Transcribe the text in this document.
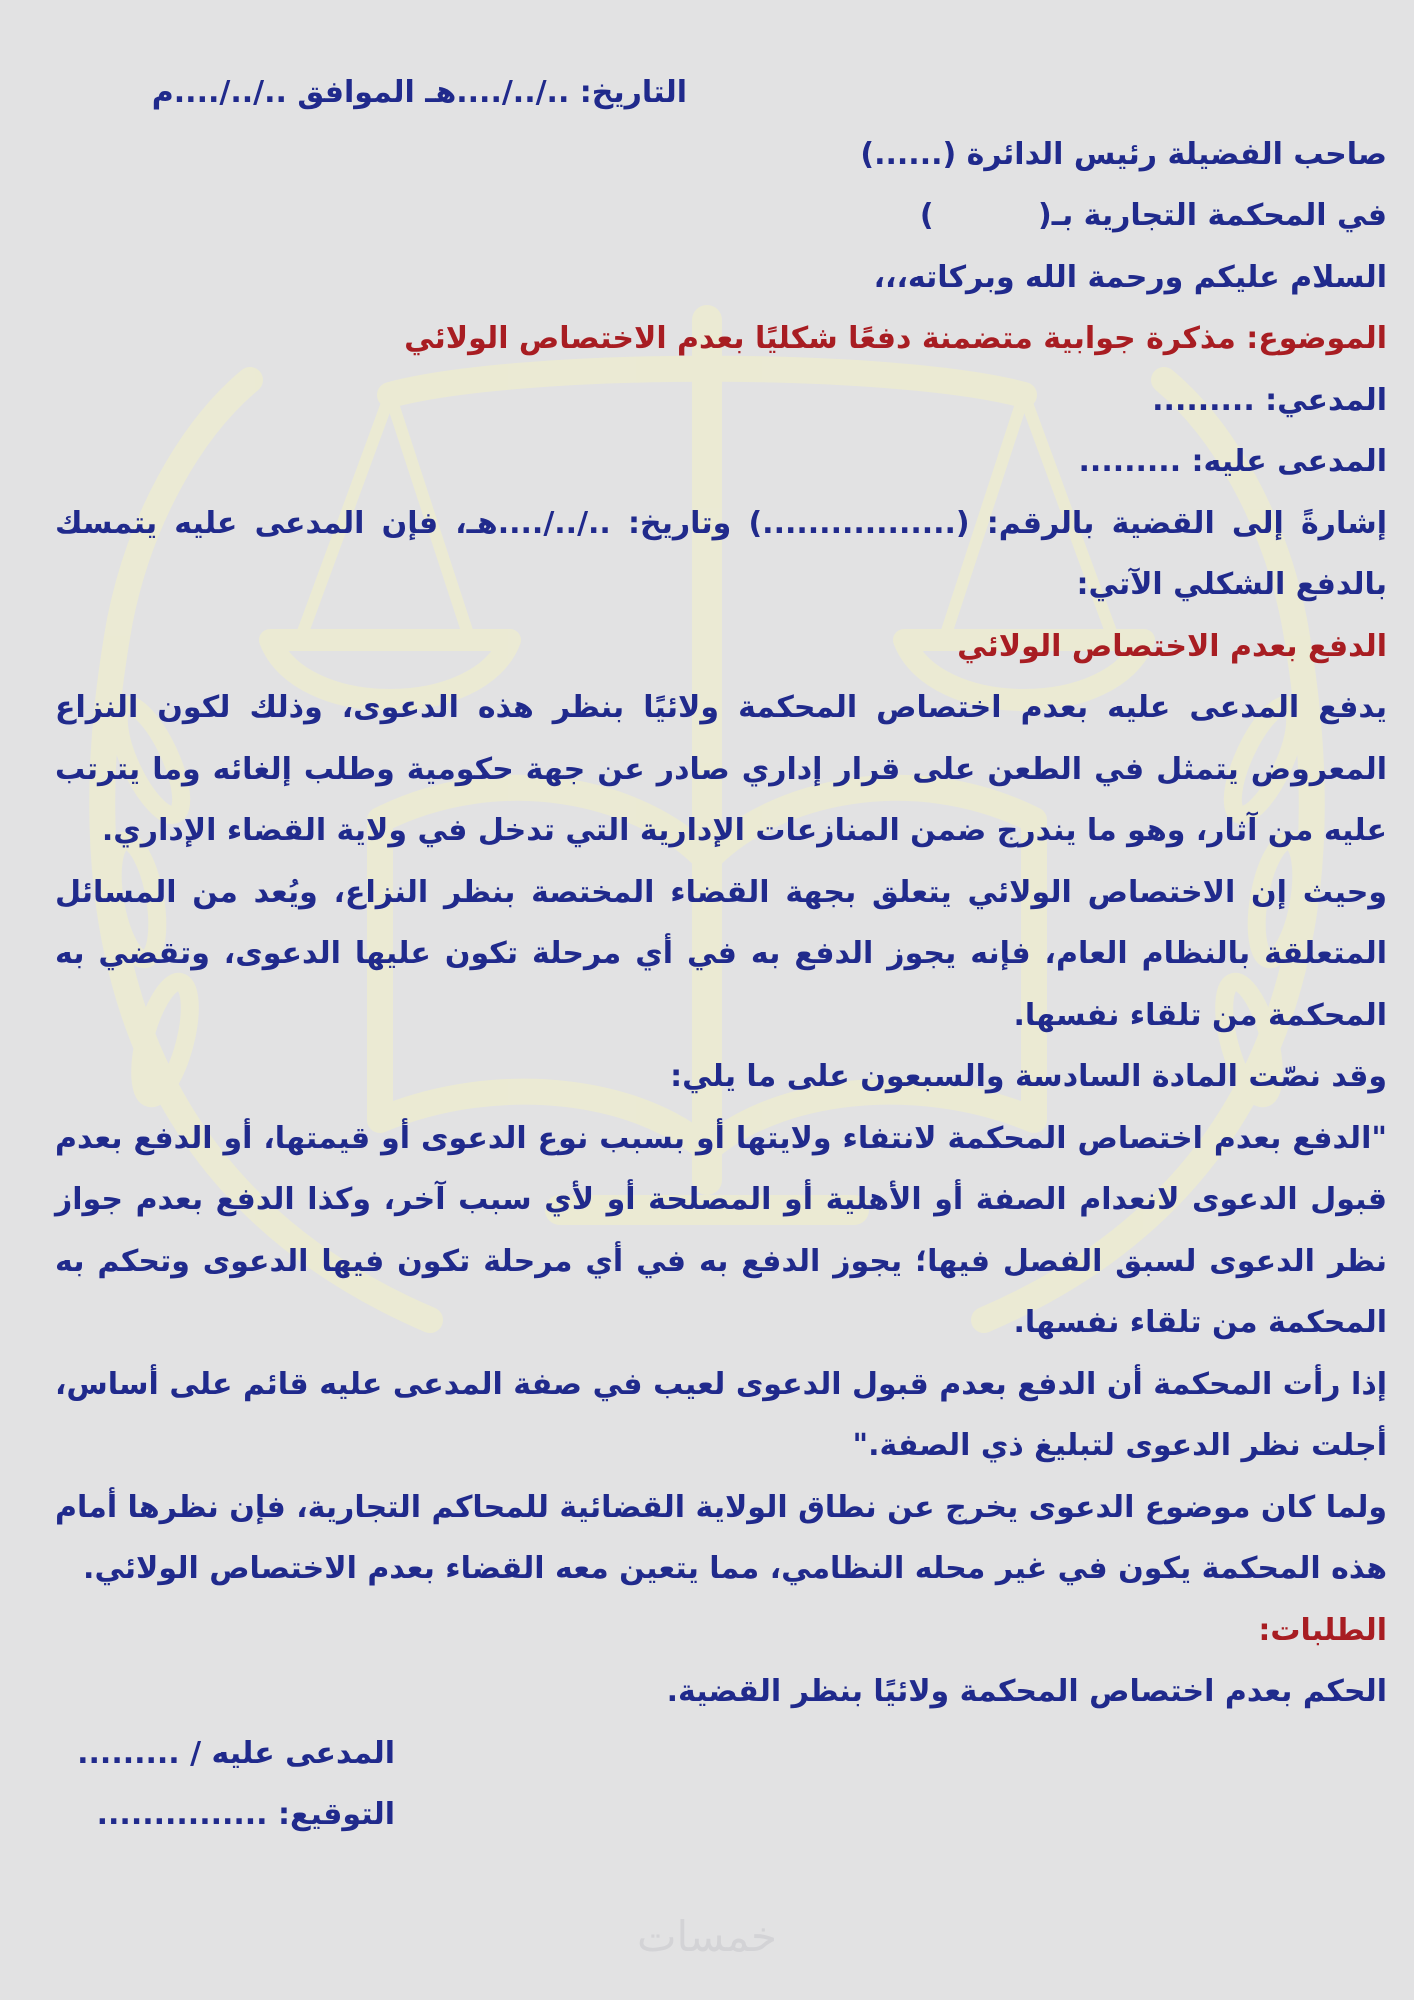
التاريخ: ../../....هـ الموافق ../../....م

صاحب الفضيلة رئيس الدائرة (......)

في المحكمة التجارية بـ(          )

السلام عليكم ورحمة الله وبركاته،،،

الموضوع: مذكرة جوابية متضمنة دفعًا شكليًا بعدم الاختصاص الولائي

المدعي: .........

المدعى عليه: .........

إشارةً إلى القضية بالرقم: (.................) وتاريخ: ../../....هـ، فإن المدعى عليه يتمسك بالدفع الشكلي الآتي:

الدفع بعدم الاختصاص الولائي

يدفع المدعى عليه بعدم اختصاص المحكمة ولائيًا بنظر هذه الدعوى، وذلك لكون النزاع المعروض يتمثل في الطعن على قرار إداري صادر عن جهة حكومية وطلب إلغائه وما يترتب عليه من آثار، وهو ما يندرج ضمن المنازعات الإدارية التي تدخل في ولاية القضاء الإداري.

وحيث إن الاختصاص الولائي يتعلق بجهة القضاء المختصة بنظر النزاع، ويُعد من المسائل المتعلقة بالنظام العام، فإنه يجوز الدفع به في أي مرحلة تكون عليها الدعوى، وتقضي به المحكمة من تلقاء نفسها.

وقد نصّت المادة السادسة والسبعون على ما يلي:

"الدفع بعدم اختصاص المحكمة لانتفاء ولايتها أو بسبب نوع الدعوى أو قيمتها، أو الدفع بعدم قبول الدعوى لانعدام الصفة أو الأهلية أو المصلحة أو لأي سبب آخر، وكذا الدفع بعدم جواز نظر الدعوى لسبق الفصل فيها؛ يجوز الدفع به في أي مرحلة تكون فيها الدعوى وتحكم به المحكمة من تلقاء نفسها.

إذا رأت المحكمة أن الدفع بعدم قبول الدعوى لعيب في صفة المدعى عليه قائم على أساس، أجلت نظر الدعوى لتبليغ ذي الصفة."

ولما كان موضوع الدعوى يخرج عن نطاق الولاية القضائية للمحاكم التجارية، فإن نظرها أمام هذه المحكمة يكون في غير محله النظامي، مما يتعين معه القضاء بعدم الاختصاص الولائي.

الطلبات:

الحكم بعدم اختصاص المحكمة ولائيًا بنظر القضية.

المدعى عليه / .........

التوقيع: ...............

خمسات
